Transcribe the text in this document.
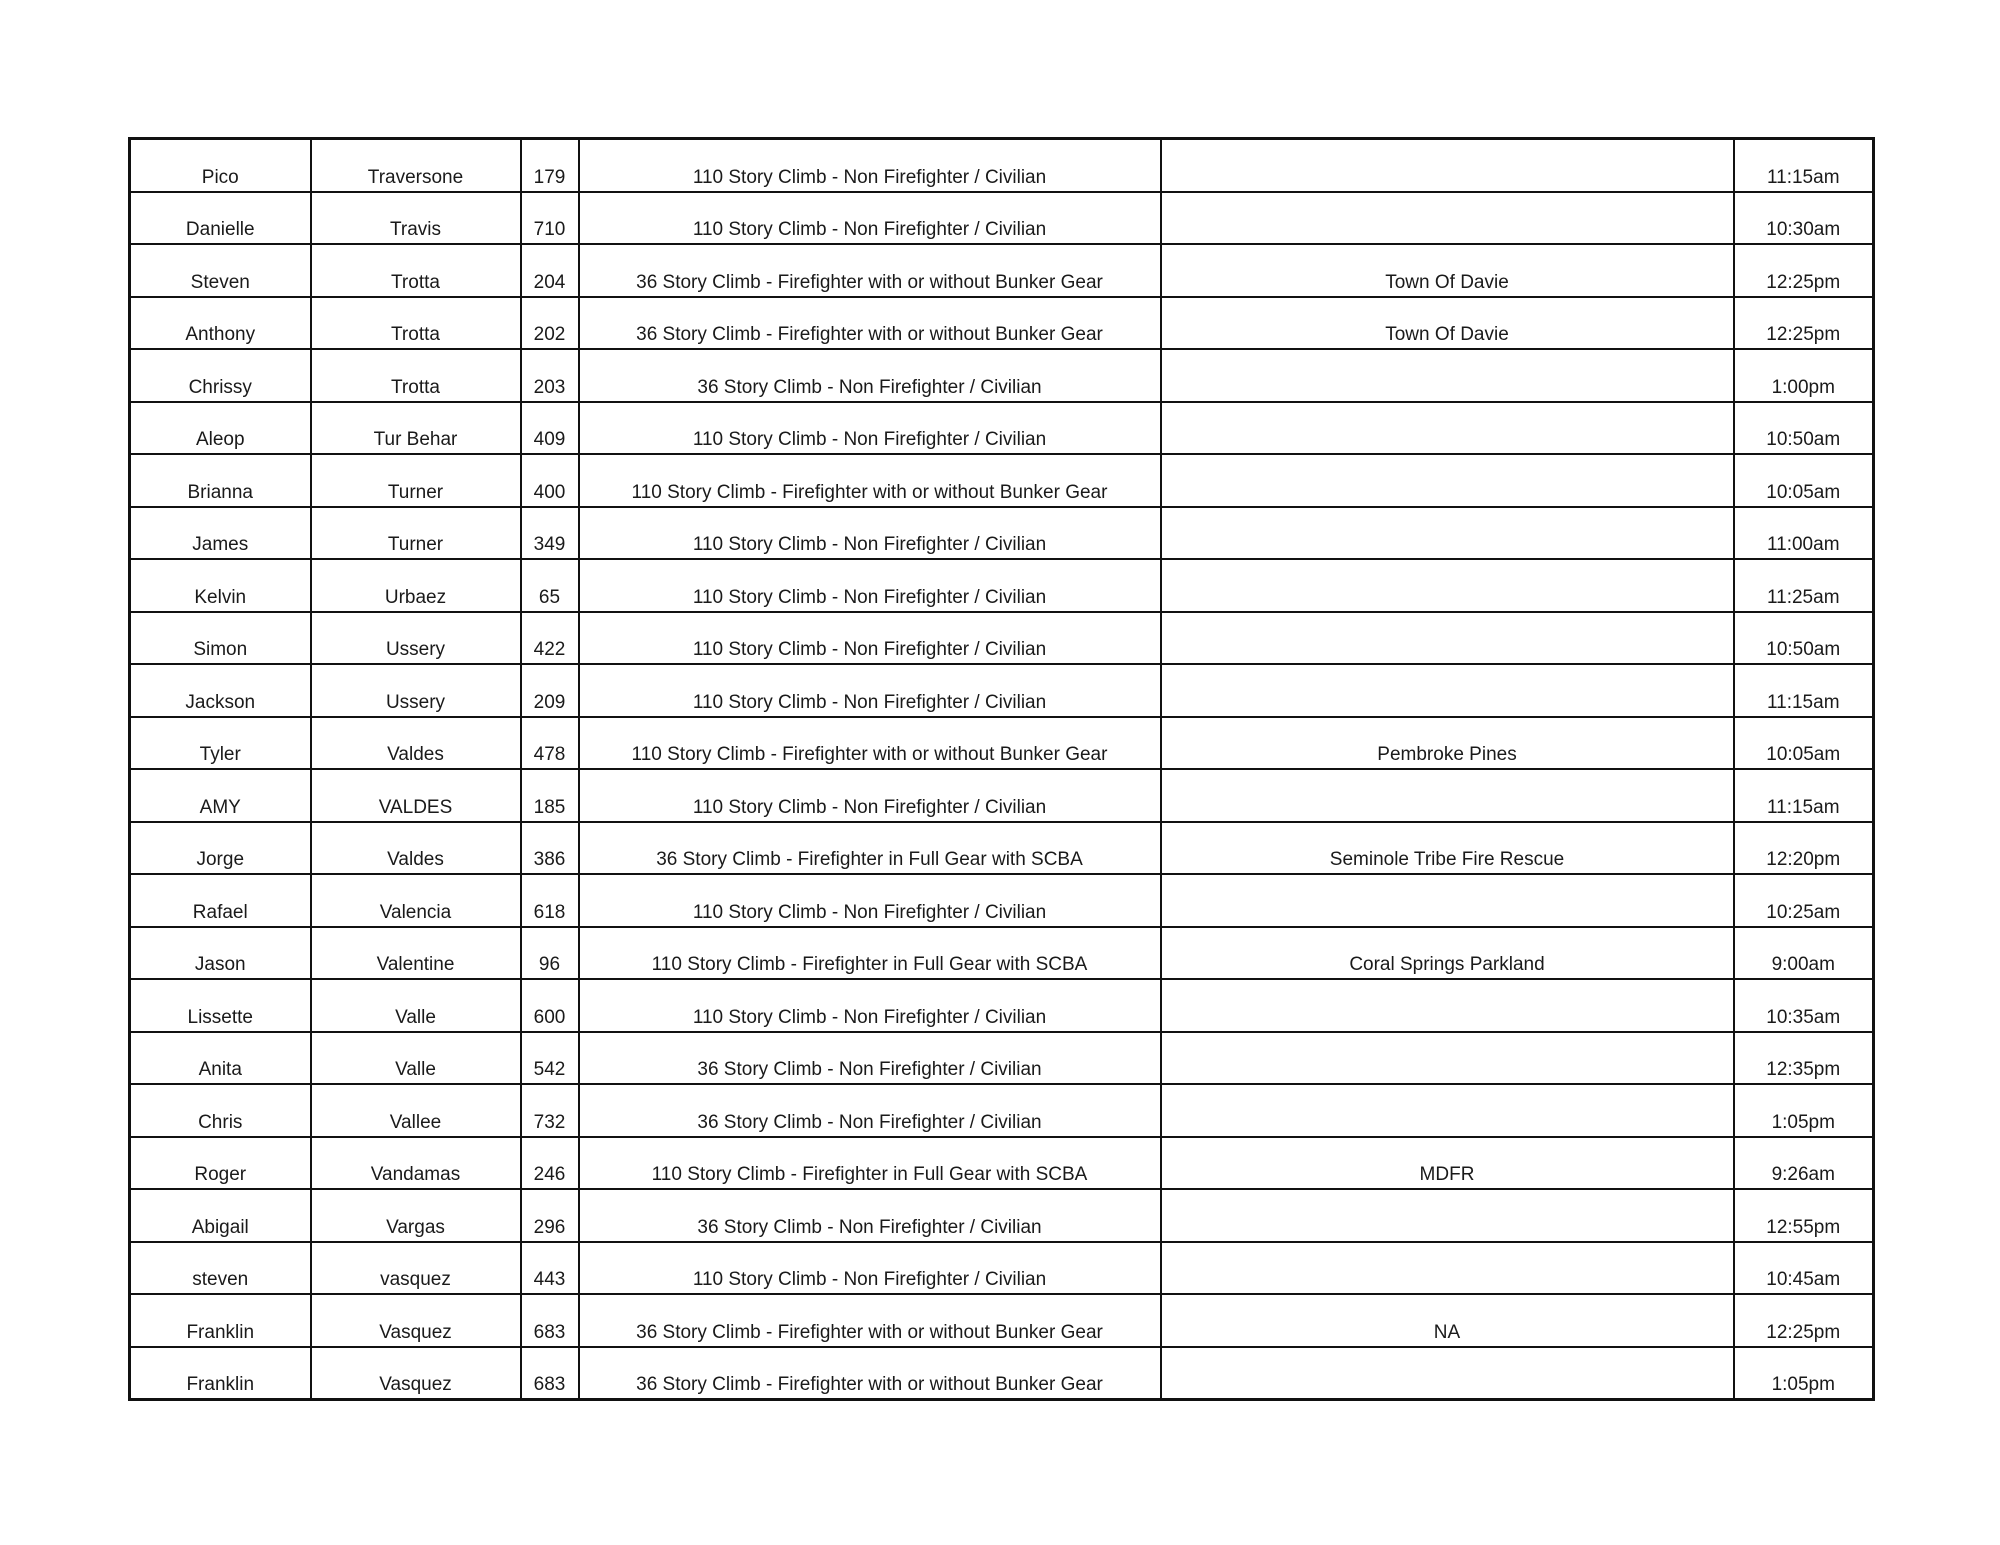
Pico	Traversone	179	110 Story Climb - Non Firefighter / Civilian		11:15am
Danielle	Travis	710	110 Story Climb - Non Firefighter / Civilian		10:30am
Steven	Trotta	204	36 Story Climb - Firefighter with or without Bunker Gear	Town Of Davie	12:25pm
Anthony	Trotta	202	36 Story Climb - Firefighter with or without Bunker Gear	Town Of Davie	12:25pm
Chrissy	Trotta	203	36 Story Climb - Non Firefighter / Civilian		1:00pm
Aleop	Tur Behar	409	110 Story Climb - Non Firefighter / Civilian		10:50am
Brianna	Turner	400	110 Story Climb - Firefighter with or without Bunker Gear		10:05am
James	Turner	349	110 Story Climb - Non Firefighter / Civilian		11:00am
Kelvin	Urbaez	65	110 Story Climb - Non Firefighter / Civilian		11:25am
Simon	Ussery	422	110 Story Climb - Non Firefighter / Civilian		10:50am
Jackson	Ussery	209	110 Story Climb - Non Firefighter / Civilian		11:15am
Tyler	Valdes	478	110 Story Climb - Firefighter with or without Bunker Gear	Pembroke Pines	10:05am
AMY	VALDES	185	110 Story Climb - Non Firefighter / Civilian		11:15am
Jorge	Valdes	386	36 Story Climb - Firefighter in Full Gear with SCBA	Seminole Tribe Fire Rescue	12:20pm
Rafael	Valencia	618	110 Story Climb - Non Firefighter / Civilian		10:25am
Jason	Valentine	96	110 Story Climb - Firefighter in Full Gear with SCBA	Coral Springs Parkland	9:00am
Lissette	Valle	600	110 Story Climb - Non Firefighter / Civilian		10:35am
Anita	Valle	542	36 Story Climb - Non Firefighter / Civilian		12:35pm
Chris	Vallee	732	36 Story Climb - Non Firefighter / Civilian		1:05pm
Roger	Vandamas	246	110 Story Climb - Firefighter in Full Gear with SCBA	MDFR	9:26am
Abigail	Vargas	296	36 Story Climb - Non Firefighter / Civilian		12:55pm
steven	vasquez	443	110 Story Climb - Non Firefighter / Civilian		10:45am
Franklin	Vasquez	683	36 Story Climb - Firefighter with or without Bunker Gear	NA	12:25pm
Franklin	Vasquez	683	36 Story Climb - Firefighter with or without Bunker Gear		1:05pm
